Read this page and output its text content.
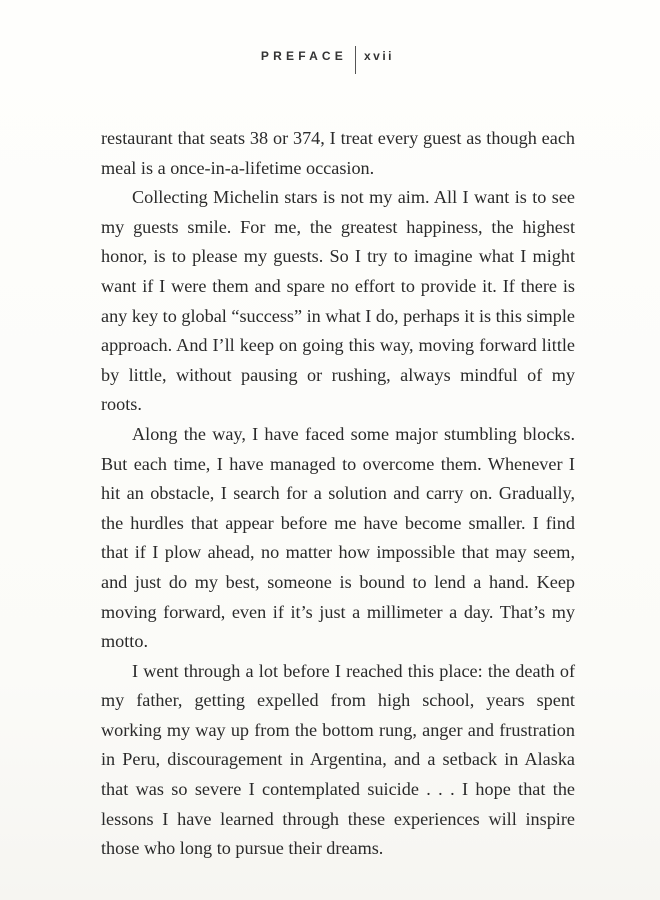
PREFACE xvii

restaurant that seats 38 or 374, I treat every guest as though each meal is a once-in-a-lifetime occasion.

Collecting Michelin stars is not my aim. All I want is to see my guests smile. For me, the greatest happiness, the highest honor, is to please my guests. So I try to imagine what I might want if I were them and spare no effort to provide it. If there is any key to global “success” in what I do, perhaps it is this simple approach. And I’ll keep on going this way, moving forward little by little, without pausing or rushing, always mindful of my roots.

Along the way, I have faced some major stumbling blocks. But each time, I have managed to overcome them. Whenever I hit an obstacle, I search for a solution and carry on. Gradually, the hurdles that appear before me have become smaller. I find that if I plow ahead, no matter how impossible that may seem, and just do my best, someone is bound to lend a hand. Keep moving forward, even if it’s just a millimeter a day. That’s my motto.

I went through a lot before I reached this place: the death of my father, getting expelled from high school, years spent working my way up from the bottom rung, anger and frustration in Peru, discouragement in Argentina, and a setback in Alaska that was so severe I contemplated suicide . . . I hope that the lessons I have learned through these experiences will inspire those who long to pursue their dreams.
